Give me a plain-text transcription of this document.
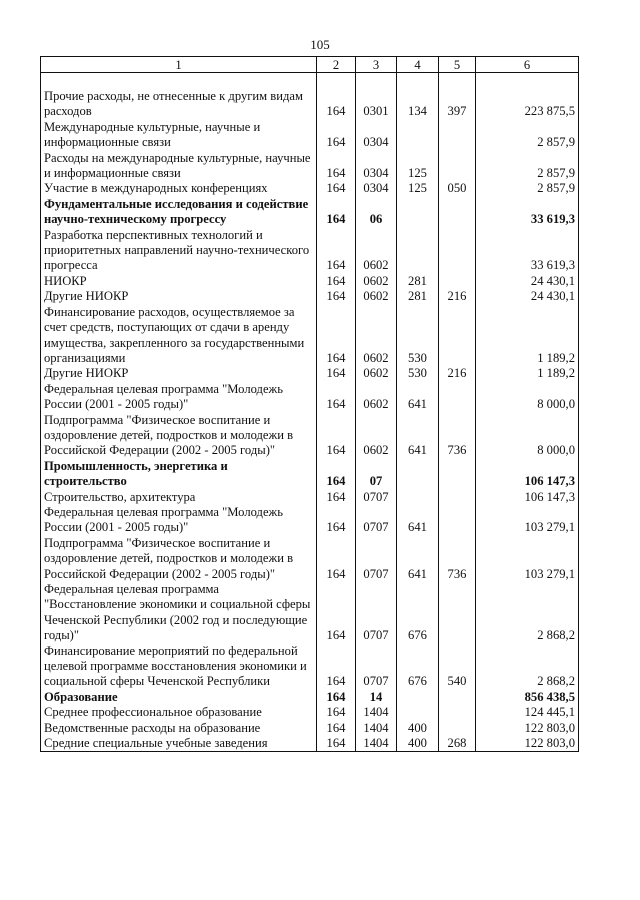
105
1	2	3	4	5	6

Прочие расходы, не отнесенные к другим видам расходов	164	0301	134	397	223 875,5
Международные культурные, научные и информационные связи	164	0304			2 857,9
Расходы на международные культурные, научные и информационные связи	164	0304	125		2 857,9
Участие в международных конференциях	164	0304	125	050	2 857,9
Фундаментальные исследования и содействие научно-техническому прогрессу	164	06			33 619,3
Разработка перспективных технологий и приоритетных направлений научно-технического прогресса	164	0602			33 619,3
НИОКР	164	0602	281		24 430,1
Другие НИОКР	164	0602	281	216	24 430,1
Финансирование расходов, осуществляемое за счет средств, поступающих от сдачи в аренду имущества, закрепленного за государственными организациями	164	0602	530		1 189,2
Другие НИОКР	164	0602	530	216	1 189,2
Федеральная целевая программа "Молодежь России (2001 - 2005 годы)"	164	0602	641		8 000,0
Подпрограмма "Физическое воспитание и оздоровление детей, подростков и молодежи в Российской Федерации (2002 - 2005 годы)"	164	0602	641	736	8 000,0
Промышленность, энергетика и строительство	164	07			106 147,3
Строительство, архитектура	164	0707			106 147,3
Федеральная целевая программа "Молодежь России (2001 - 2005 годы)"	164	0707	641		103 279,1
Подпрограмма "Физическое воспитание и оздоровление детей, подростков и молодежи в Российской Федерации (2002 - 2005 годы)"	164	0707	641	736	103 279,1
Федеральная целевая программа "Восстановление экономики и социальной сферы Чеченской Республики (2002 год и последующие годы)"	164	0707	676		2 868,2
Финансирование мероприятий по федеральной целевой программе восстановления экономики и социальной сферы Чеченской Республики	164	0707	676	540	2 868,2
Образование	164	14			856 438,5
Среднее профессиональное образование	164	1404			124 445,1
Ведомственные расходы на образование	164	1404	400		122 803,0
Средние специальные учебные заведения	164	1404	400	268	122 803,0
